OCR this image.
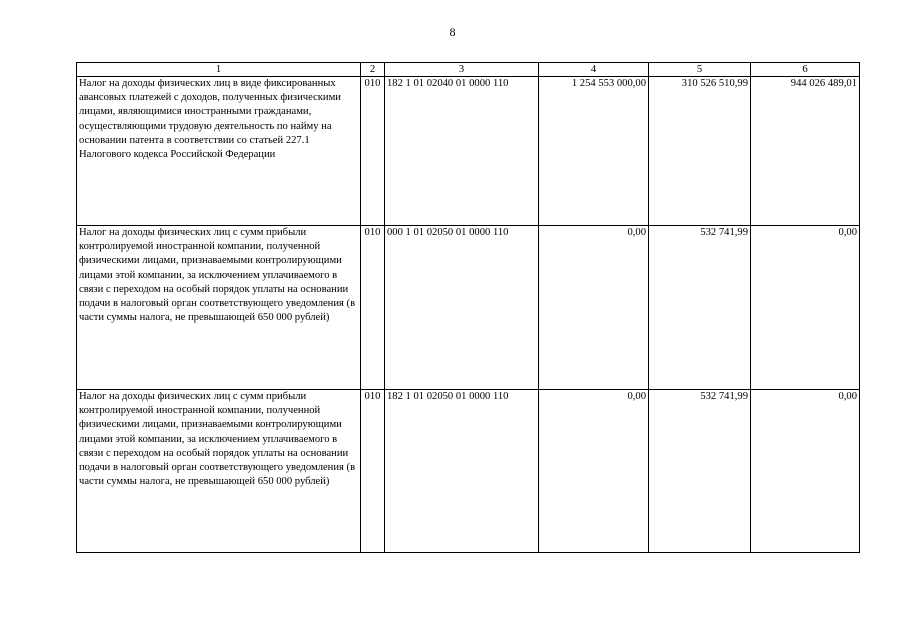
8
1	2	3	4	5	6
Налог на доходы физических лиц в виде фиксированных авансовых платежей с доходов, полученных физическими лицами, являющимися иностранными гражданами, осуществляющими трудовую деятельность по найму на основании патента в соответствии со статьей 227.1 Налогового кодекса Российской Федерации	010	182 1 01 02040 01 0000 110	1 254 553 000,00	310 526 510,99	944 026 489,01
Налог на доходы физических лиц с сумм прибыли контролируемой иностранной компании, полученной физическими лицами, признаваемыми контролирующими лицами этой компании, за исключением уплачиваемого в связи с переходом на особый порядок уплаты на основании подачи в налоговый орган соответствующего уведомления (в части суммы налога, не превышающей 650 000 рублей)	010	000 1 01 02050 01 0000 110	0,00	532 741,99	0,00
Налог на доходы физических лиц с сумм прибыли контролируемой иностранной компании, полученной физическими лицами, признаваемыми контролирующими лицами этой компании, за исключением уплачиваемого в связи с переходом на особый порядок уплаты на основании подачи в налоговый орган соответствующего уведомления (в части суммы налога, не превышающей 650 000 рублей)	010	182 1 01 02050 01 0000 110	0,00	532 741,99	0,00
